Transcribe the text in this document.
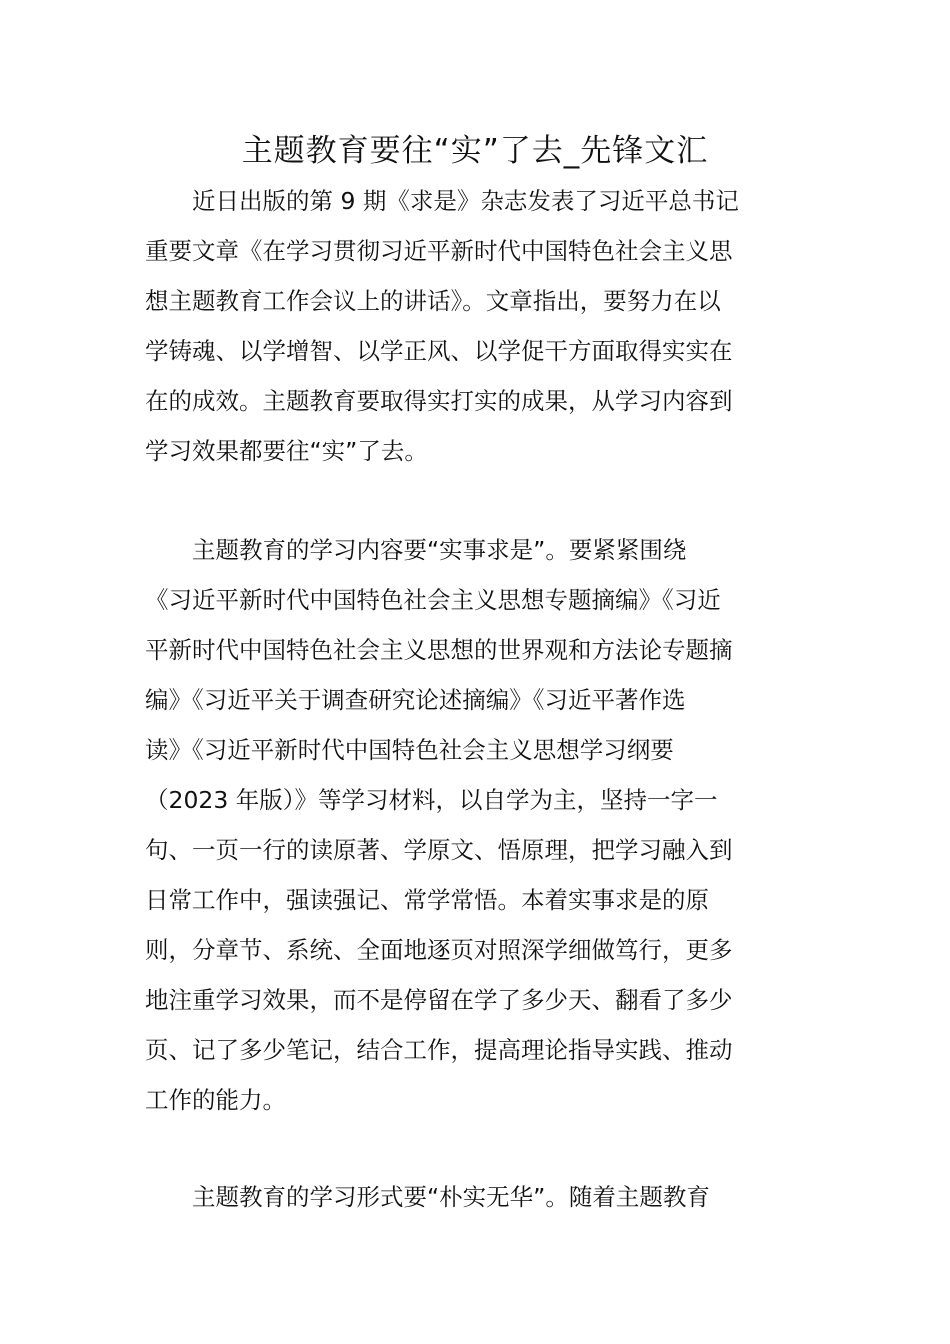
主题教育要往“实”了去_先锋文汇

　　近日出版的第 9 期《求是》杂志发表了习近平总书记
重要文章《在学习贯彻习近平新时代中国特色社会主义思
想主题教育工作会议上的讲话》。文章指出，要努力在以
学铸魂、以学增智、以学正风、以学促干方面取得实实在
在的成效。主题教育要取得实打实的成果，从学习内容到
学习效果都要往“实”了去。

　　主题教育的学习内容要“实事求是”。要紧紧围绕
《习近平新时代中国特色社会主义思想专题摘编》《习近
平新时代中国特色社会主义思想的世界观和方法论专题摘
编》《习近平关于调查研究论述摘编》《习近平著作选
读》《习近平新时代中国特色社会主义思想学习纲要
（2023 年版）》等学习材料，以自学为主，坚持一字一
句、一页一行的读原著、学原文、悟原理，把学习融入到
日常工作中，强读强记、常学常悟。本着实事求是的原
则，分章节、系统、全面地逐页对照深学细做笃行，更多
地注重学习效果，而不是停留在学了多少天、翻看了多少
页、记了多少笔记，结合工作，提高理论指导实践、推动
工作的能力。

　　主题教育的学习形式要“朴实无华”。随着主题教育
